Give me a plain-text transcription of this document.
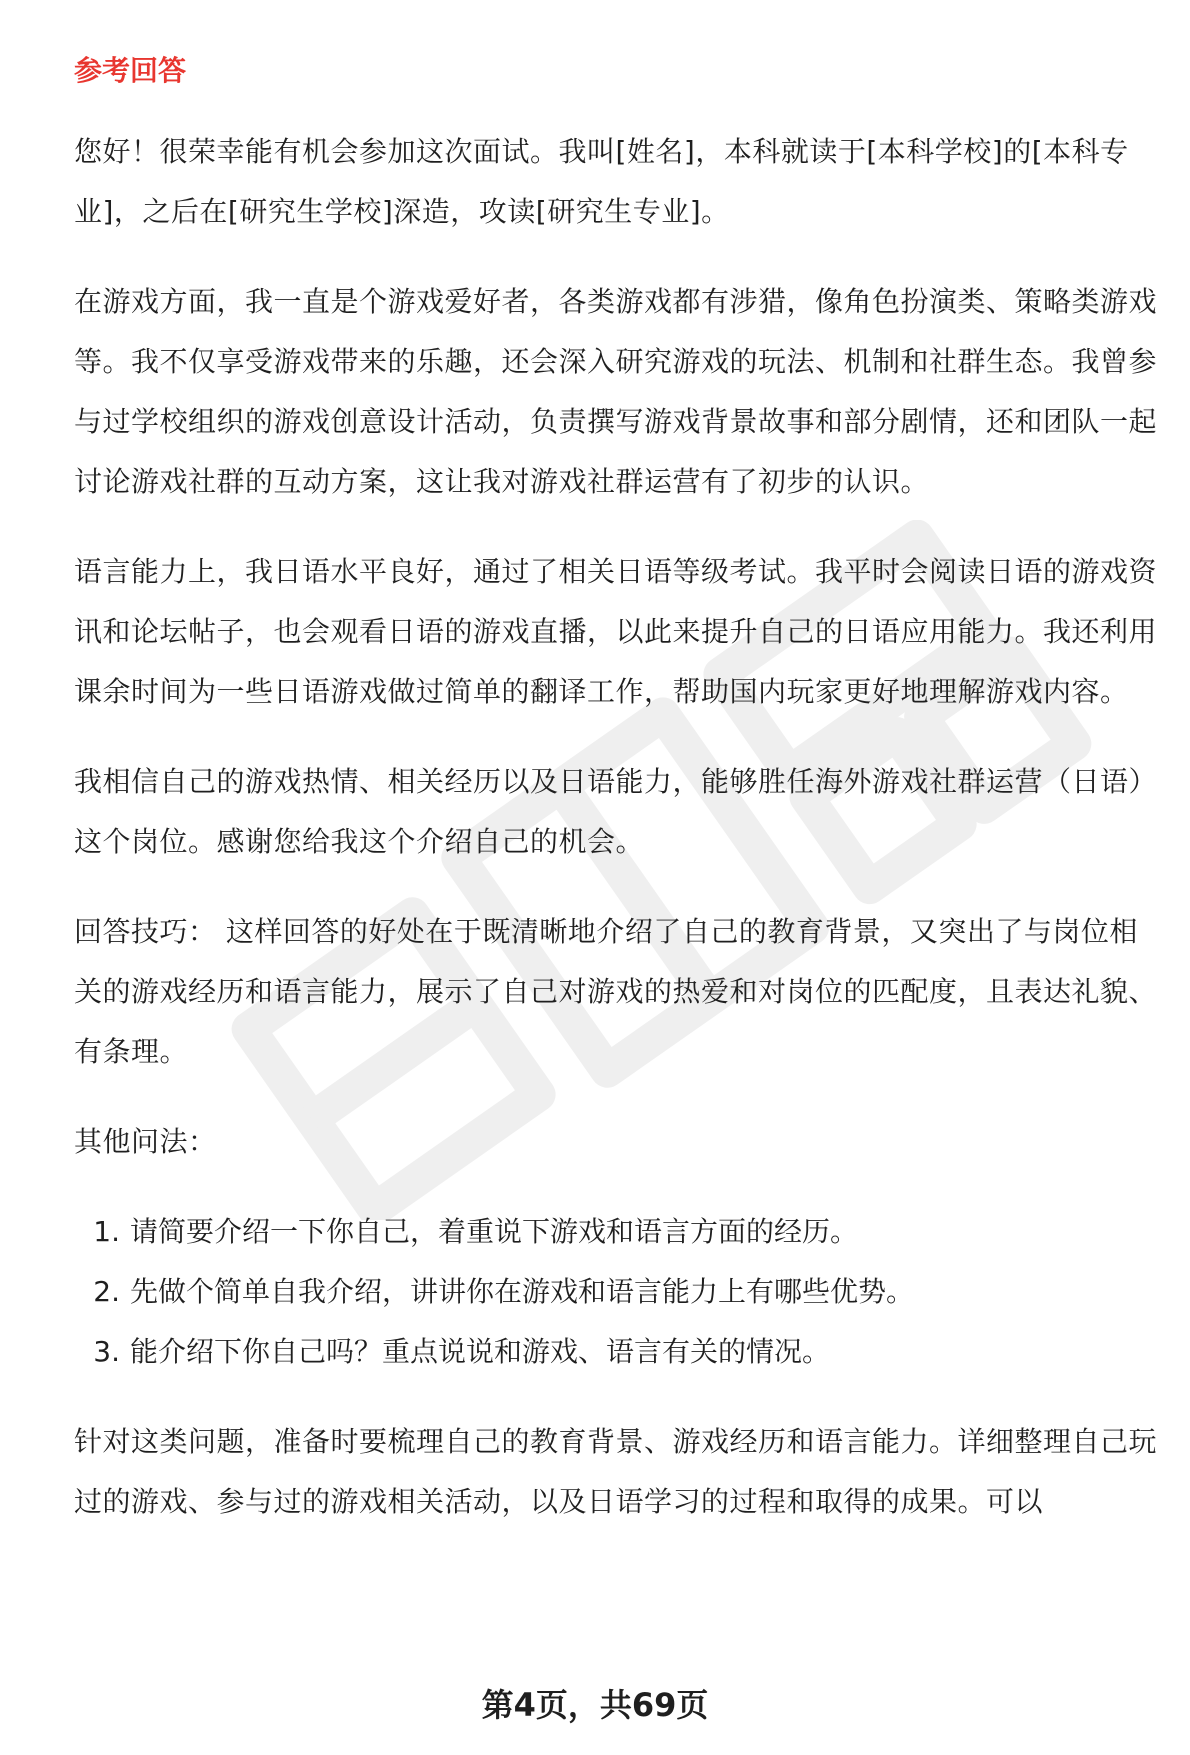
参考回答

您好！很荣幸能有机会参加这次面试。我叫[姓名]，本科就读于[本科学校]的[本科专业]，之后在[研究生学校]深造，攻读[研究生专业]。

在游戏方面，我一直是个游戏爱好者，各类游戏都有涉猎，像角色扮演类、策略类游戏等。我不仅享受游戏带来的乐趣，还会深入研究游戏的玩法、机制和社群生态。我曾参与过学校组织的游戏创意设计活动，负责撰写游戏背景故事和部分剧情，还和团队一起讨论游戏社群的互动方案，这让我对游戏社群运营有了初步的认识。

语言能力上，我日语水平良好，通过了相关日语等级考试。我平时会阅读日语的游戏资讯和论坛帖子，也会观看日语的游戏直播，以此来提升自己的日语应用能力。我还利用课余时间为一些日语游戏做过简单的翻译工作，帮助国内玩家更好地理解游戏内容。

我相信自己的游戏热情、相关经历以及日语能力，能够胜任海外游戏社群运营（日语）这个岗位。感谢您给我这个介绍自己的机会。

回答技巧： 这样回答的好处在于既清晰地介绍了自己的教育背景，又突出了与岗位相关的游戏经历和语言能力，展示了自己对游戏的热爱和对岗位的匹配度，且表达礼貌、有条理。

其他问法：

1. 请简要介绍一下你自己，着重说下游戏和语言方面的经历。
2. 先做个简单自我介绍，讲讲你在游戏和语言能力上有哪些优势。
3. 能介绍下你自己吗？重点说说和游戏、语言有关的情况。

针对这类问题，准备时要梳理自己的教育背景、游戏经历和语言能力。详细整理自己玩过的游戏、参与过的游戏相关活动，以及日语学习的过程和取得的成果。可以

第4页，共69页
